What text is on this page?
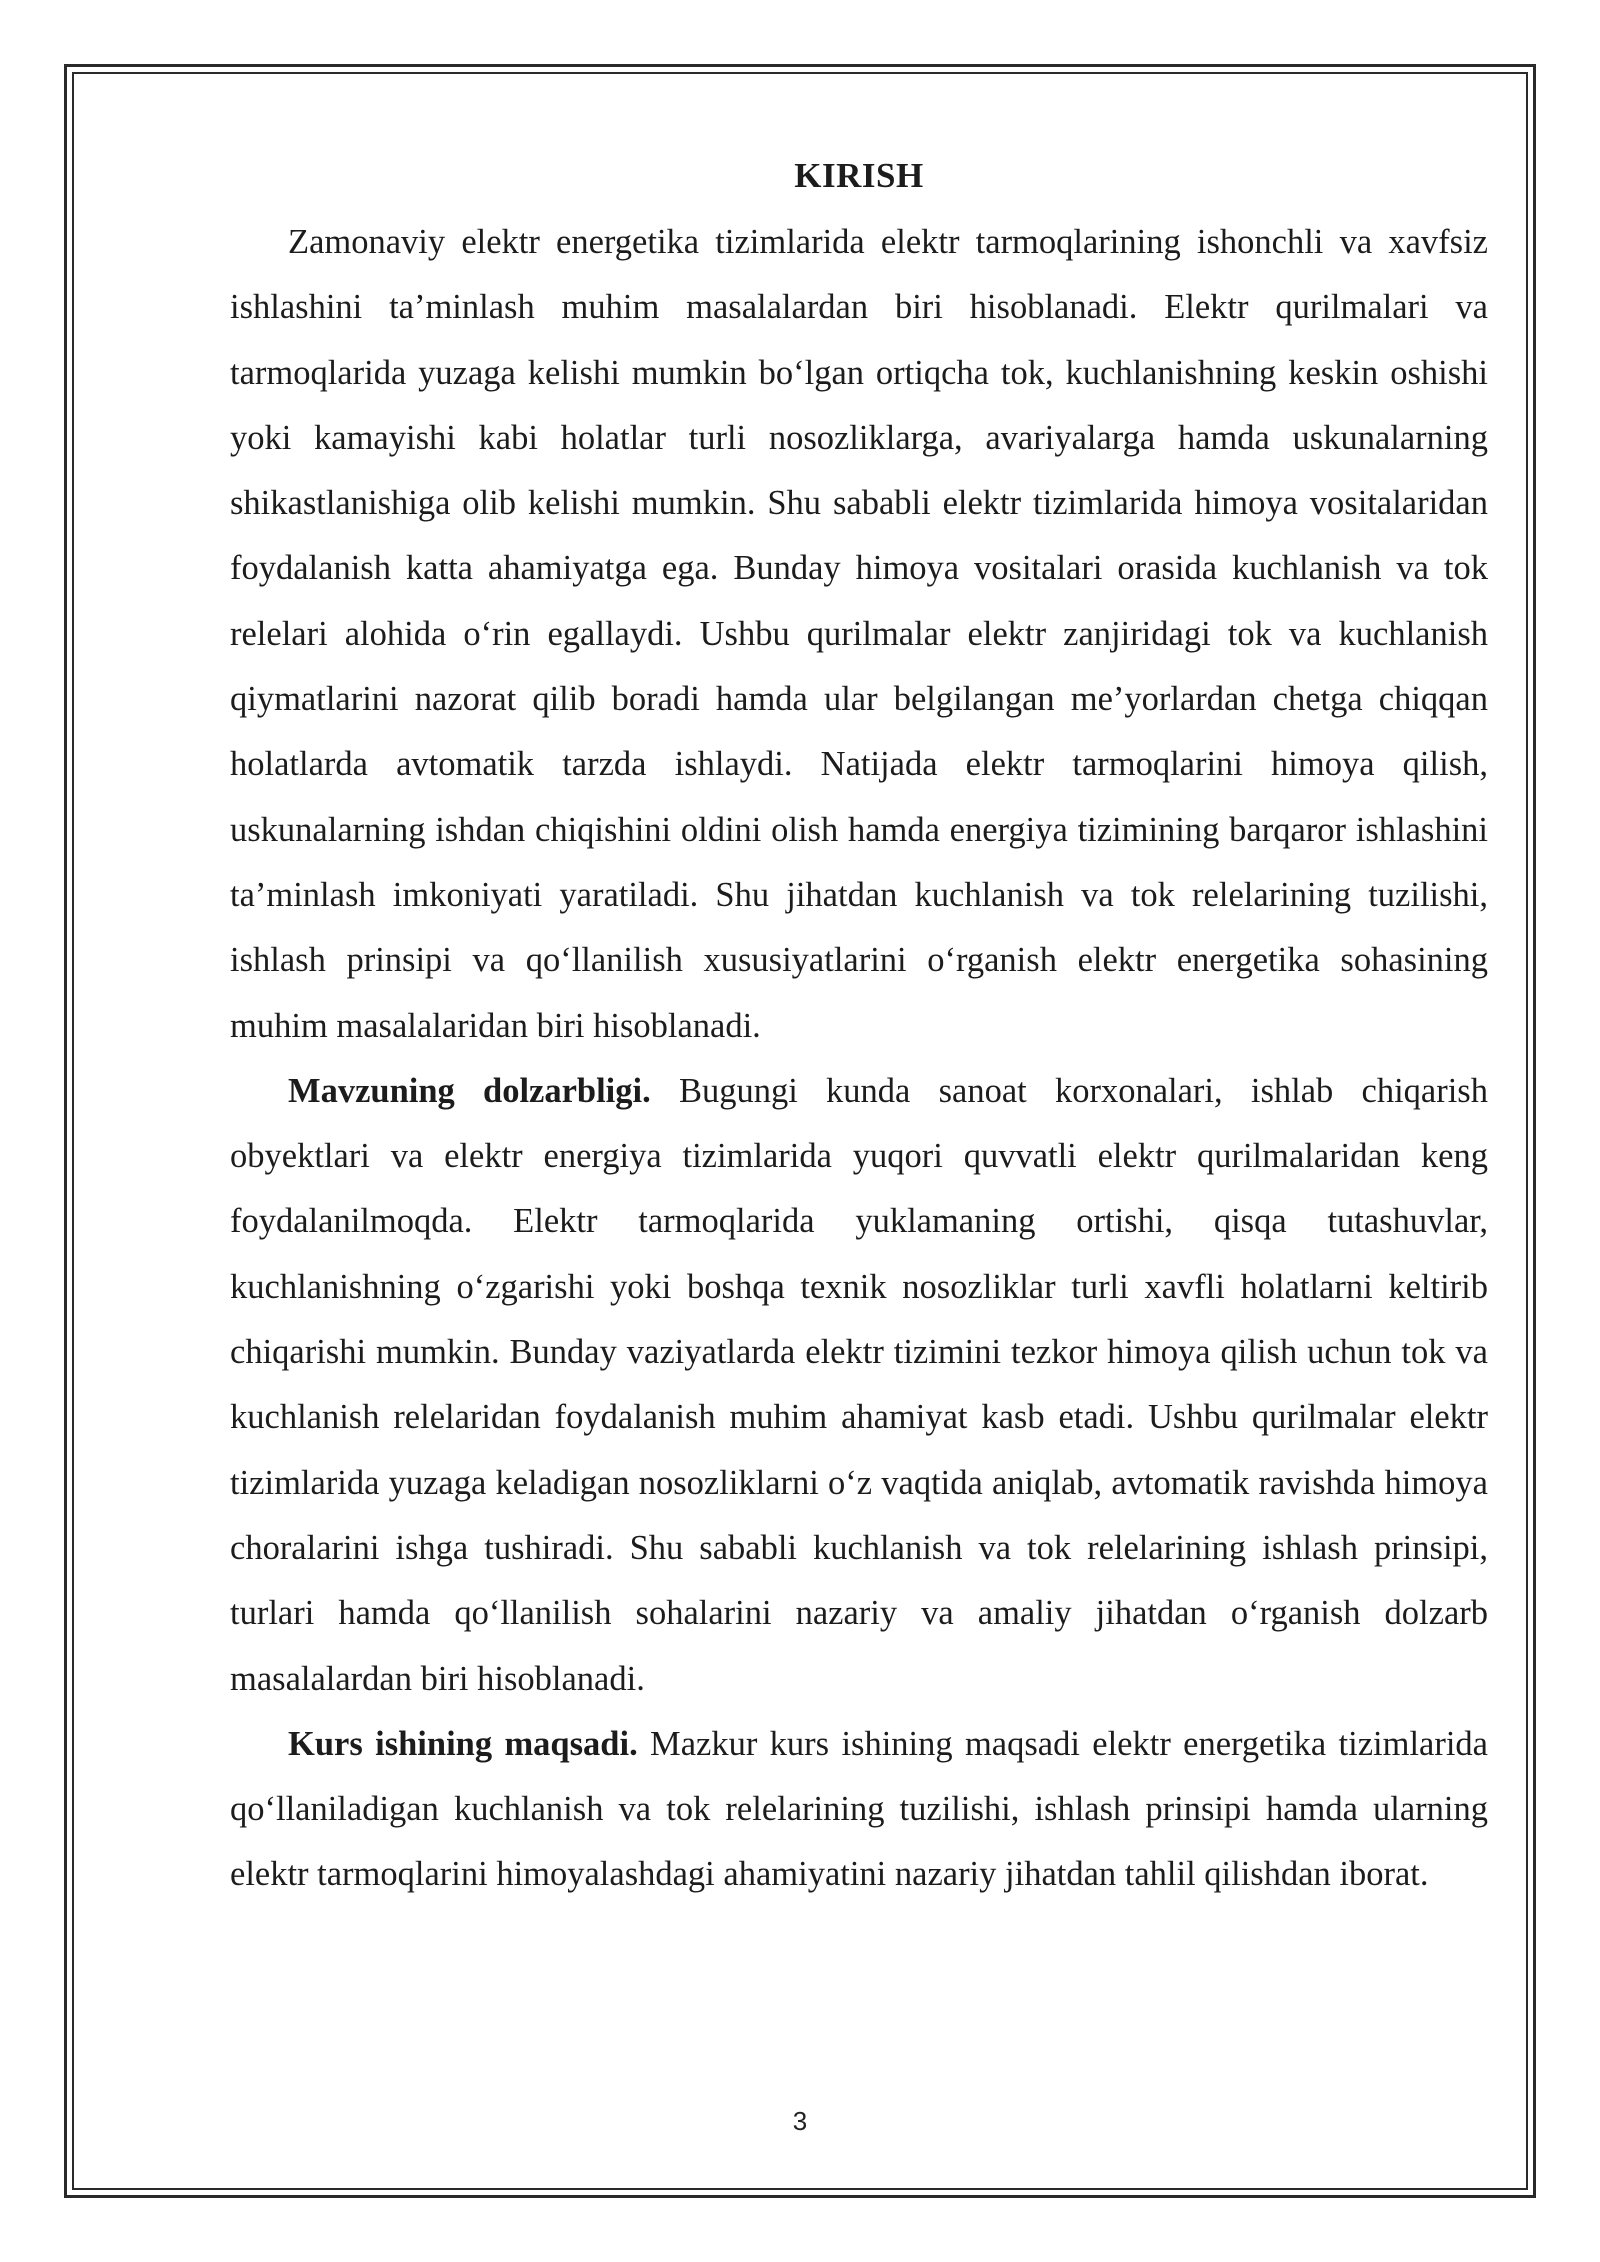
KIRISH

Zamonaviy elektr energetika tizimlarida elektr tarmoqlarining ishonchli va xavfsiz ishlashini ta’minlash muhim masalalardan biri hisoblanadi. Elektr qurilmalari va tarmoqlarida yuzaga kelishi mumkin bo‘lgan ortiqcha tok, kuchlanishning keskin oshishi yoki kamayishi kabi holatlar turli nosozliklarga, avariyalarga hamda uskunalarning shikastlanishiga olib kelishi mumkin. Shu sababli elektr tizimlarida himoya vositalaridan foydalanish katta ahamiyatga ega. Bunday himoya vositalari orasida kuchlanish va tok relelari alohida o‘rin egallaydi. Ushbu qurilmalar elektr zanjiridagi tok va kuchlanish qiymatlarini nazorat qilib boradi hamda ular belgilangan me’yorlardan chetga chiqqan holatlarda avtomatik tarzda ishlaydi. Natijada elektr tarmoqlarini himoya qilish, uskunalarning ishdan chiqishini oldini olish hamda energiya tizimining barqaror ishlashini ta’minlash imkoniyati yaratiladi. Shu jihatdan kuchlanish va tok relelarining tuzilishi, ishlash prinsipi va qo‘llanilish xususiyatlarini o‘rganish elektr energetika sohasining muhim masalalaridan biri hisoblanadi.

Mavzuning dolzarbligi. Bugungi kunda sanoat korxonalari, ishlab chiqarish obyektlari va elektr energiya tizimlarida yuqori quvvatli elektr qurilmalaridan keng foydalanilmoqda. Elektr tarmoqlarida yuklamaning ortishi, qisqa tutashuvlar, kuchlanishning o‘zgarishi yoki boshqa texnik nosozliklar turli xavfli holatlarni keltirib chiqarishi mumkin. Bunday vaziyatlarda elektr tizimini tezkor himoya qilish uchun tok va kuchlanish relelaridan foydalanish muhim ahamiyat kasb etadi. Ushbu qurilmalar elektr tizimlarida yuzaga keladigan nosozliklarni o‘z vaqtida aniqlab, avtomatik ravishda himoya choralarini ishga tushiradi. Shu sababli kuchlanish va tok relelarining ishlash prinsipi, turlari hamda qo‘llanilish sohalarini nazariy va amaliy jihatdan o‘rganish dolzarb masalalardan biri hisoblanadi.

Kurs ishining maqsadi. Mazkur kurs ishining maqsadi elektr energetika tizimlarida qo‘llaniladigan kuchlanish va tok relelarining tuzilishi, ishlash prinsipi hamda ularning elektr tarmoqlarini himoyalashdagi ahamiyatini nazariy jihatdan tahlil qilishdan iborat.

3
